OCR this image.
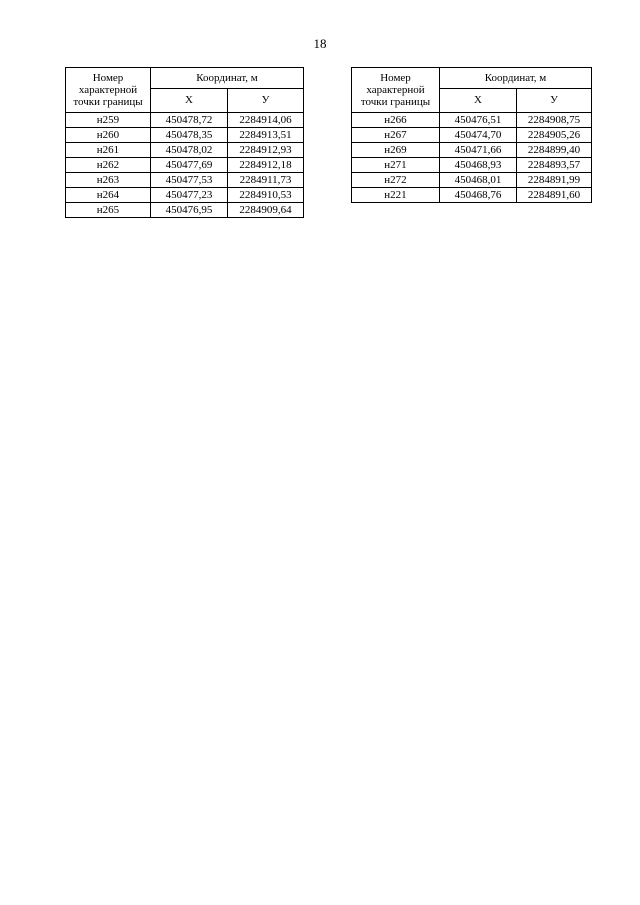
18
Номер характерной точки границы	Координат, м	
	Х	У
н259	450478,72	2284914,06
н260	450478,35	2284913,51
н261	450478,02	2284912,93
н262	450477,69	2284912,18
н263	450477,53	2284911,73
н264	450477,23	2284910,53
н265	450476,95	2284909,64
Номер характерной точки границы	Координат, м	
	Х	У
н266	450476,51	2284908,75
н267	450474,70	2284905,26
н269	450471,66	2284899,40
н271	450468,93	2284893,57
н272	450468,01	2284891,99
н221	450468,76	2284891,60
